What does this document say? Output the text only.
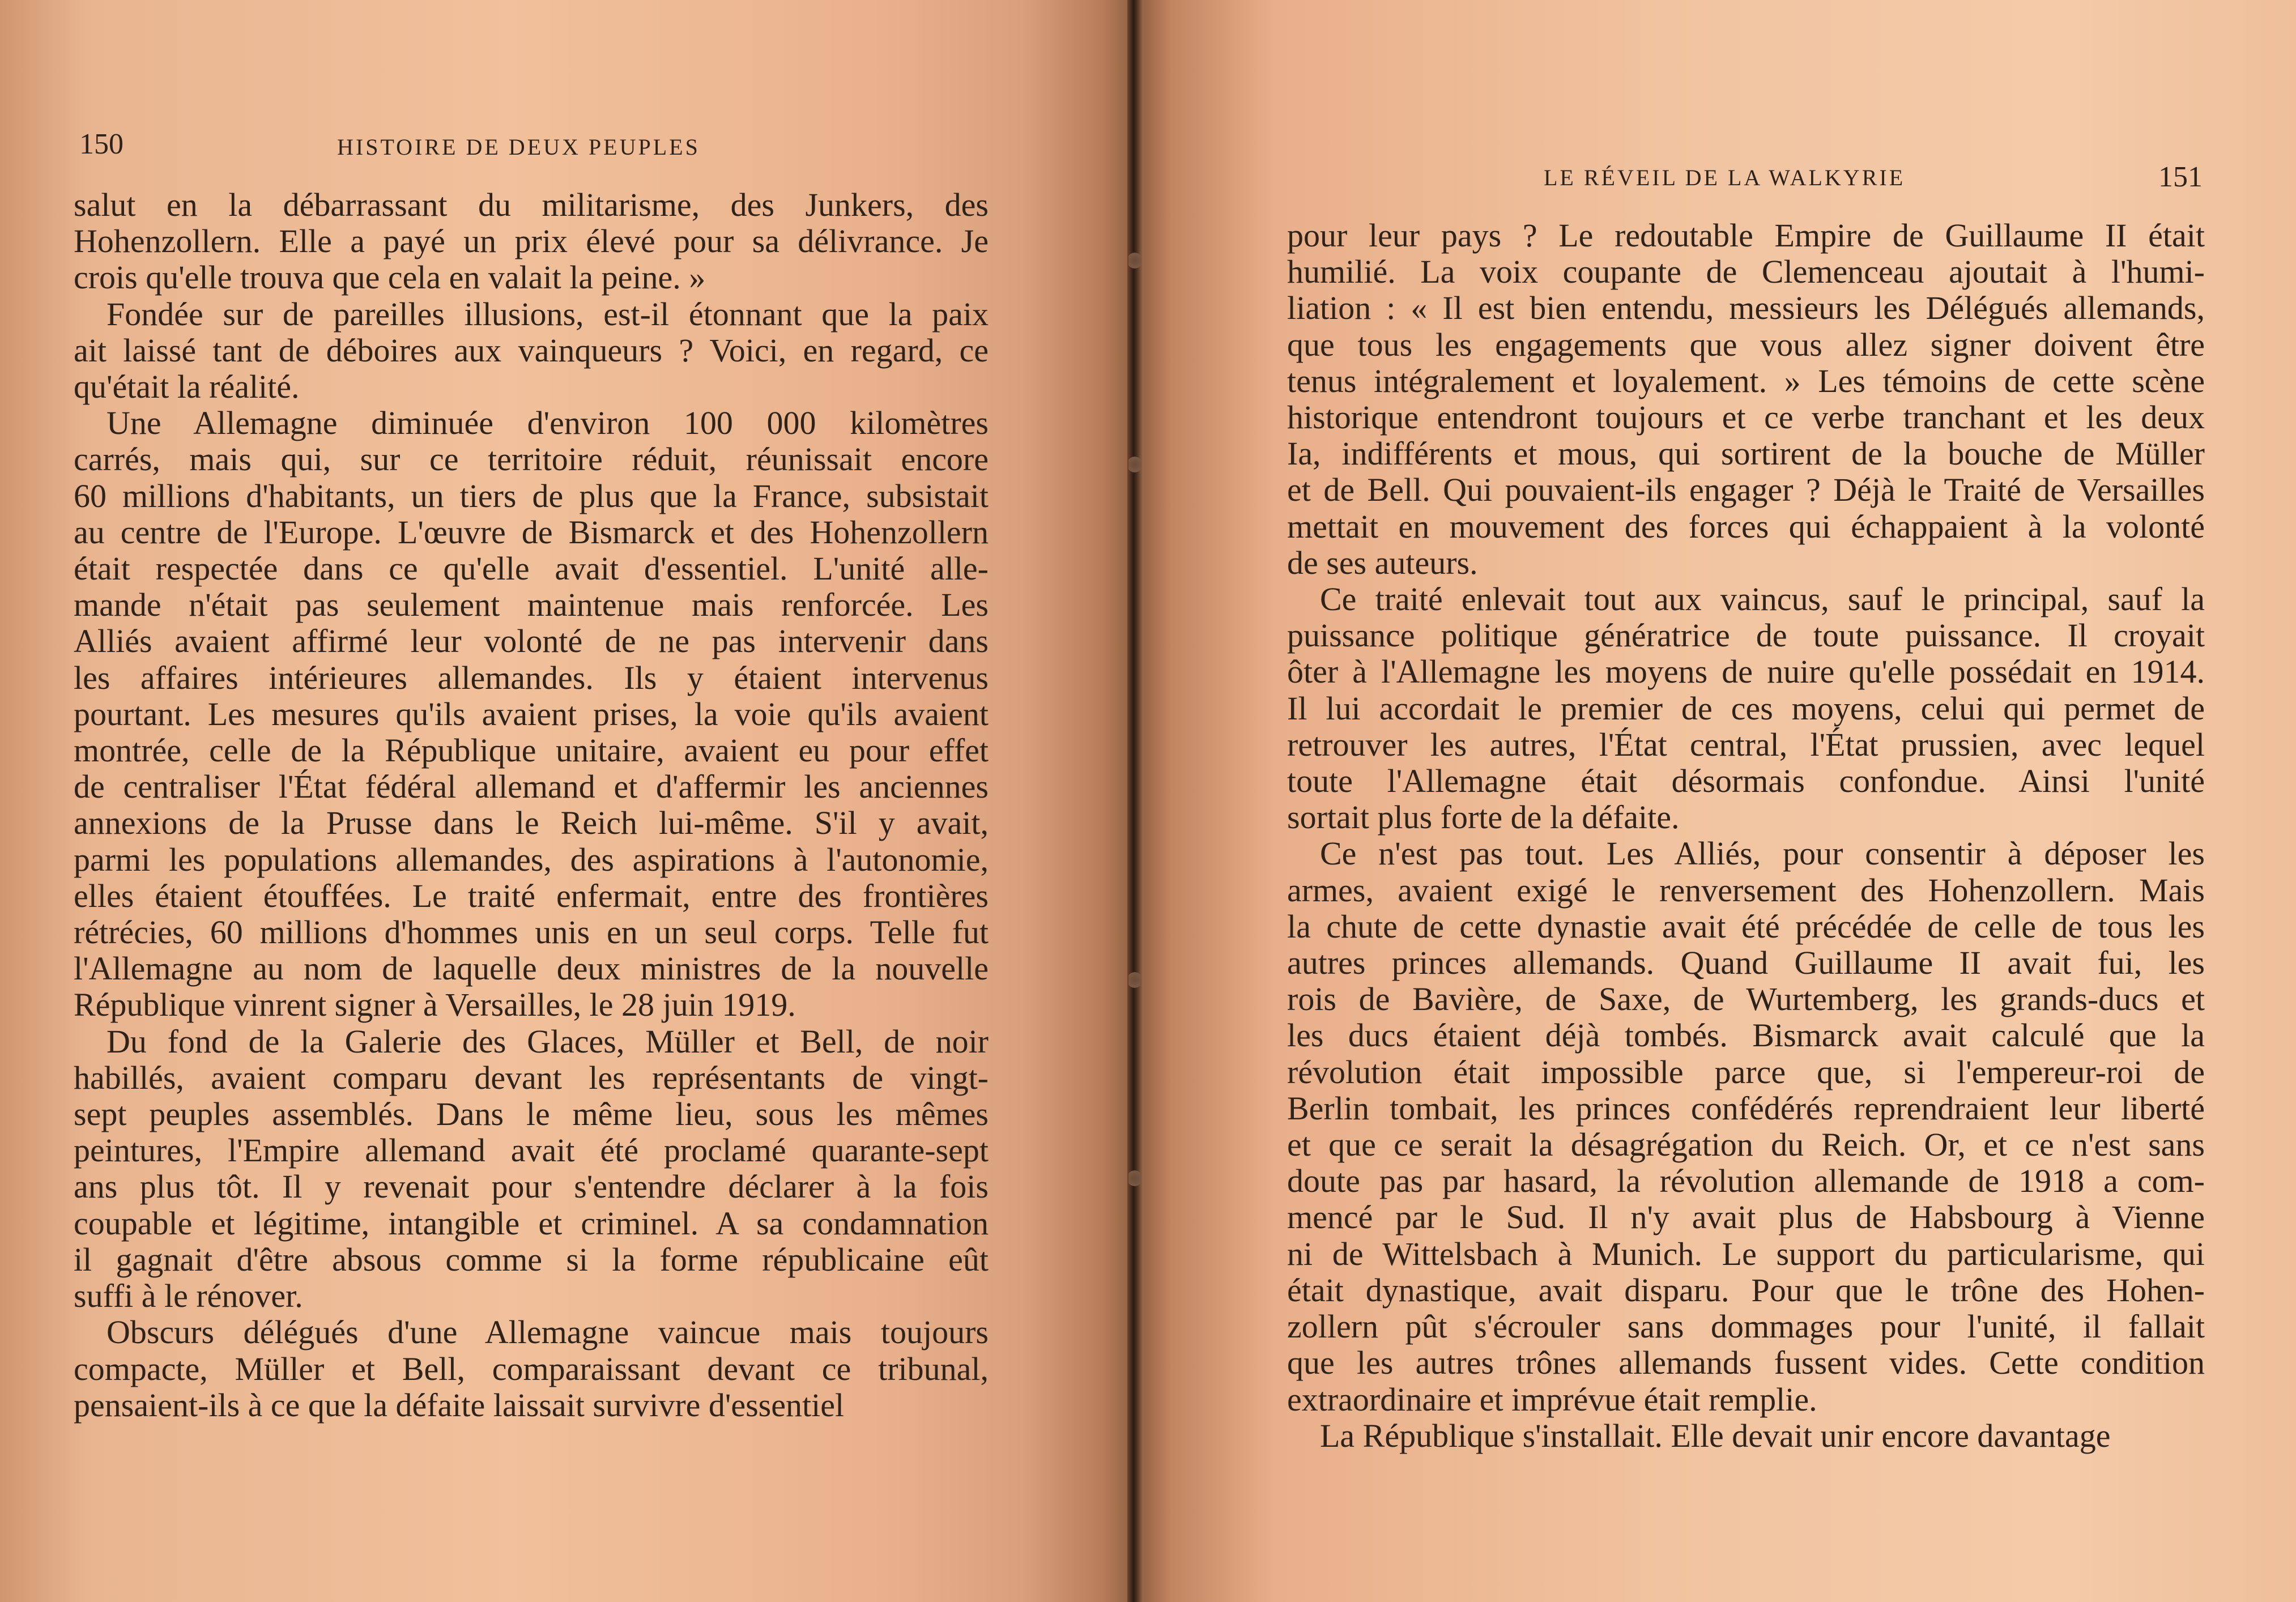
150	HISTOIRE DE DEUX PEUPLES
salut en la débarrassant du militarisme, des Junkers, des
Hohenzollern. Elle a payé un prix élevé pour sa délivrance. Je
crois qu'elle trouva que cela en valait la peine. »
Fondée sur de pareilles illusions, est-il étonnant que la paix
ait laissé tant de déboires aux vainqueurs ? Voici, en regard, ce
qu'était la réalité.
Une Allemagne diminuée d'environ 100 000 kilomètres
carrés, mais qui, sur ce territoire réduit, réunissait encore
60 millions d'habitants, un tiers de plus que la France, subsistait
au centre de l'Europe. L'œuvre de Bismarck et des Hohenzollern
était respectée dans ce qu'elle avait d'essentiel. L'unité alle-
mande n'était pas seulement maintenue mais renforcée. Les
Alliés avaient affirmé leur volonté de ne pas intervenir dans
les affaires intérieures allemandes. Ils y étaient intervenus
pourtant. Les mesures qu'ils avaient prises, la voie qu'ils avaient
montrée, celle de la République unitaire, avaient eu pour effet
de centraliser l'État fédéral allemand et d'affermir les anciennes
annexions de la Prusse dans le Reich lui-même. S'il y avait,
parmi les populations allemandes, des aspirations à l'autonomie,
elles étaient étouffées. Le traité enfermait, entre des frontières
rétrécies, 60 millions d'hommes unis en un seul corps. Telle fut
l'Allemagne au nom de laquelle deux ministres de la nouvelle
République vinrent signer à Versailles, le 28 juin 1919.
Du fond de la Galerie des Glaces, Müller et Bell, de noir
habillés, avaient comparu devant les représentants de vingt-
sept peuples assemblés. Dans le même lieu, sous les mêmes
peintures, l'Empire allemand avait été proclamé quarante-sept
ans plus tôt. Il y revenait pour s'entendre déclarer à la fois
coupable et légitime, intangible et criminel. A sa condamnation
il gagnait d'être absous comme si la forme républicaine eût
suffi à le rénover.
Obscurs délégués d'une Allemagne vaincue mais toujours
compacte, Müller et Bell, comparaissant devant ce tribunal,
pensaient-ils à ce que la défaite laissait survivre d'essentiel
LE RÉVEIL DE LA WALKYRIE	151
pour leur pays ? Le redoutable Empire de Guillaume II était
humilié. La voix coupante de Clemenceau ajoutait à l'humi-
liation : « Il est bien entendu, messieurs les Délégués allemands,
que tous les engagements que vous allez signer doivent être
tenus intégralement et loyalement. » Les témoins de cette scène
historique entendront toujours et ce verbe tranchant et les deux
Ia, indifférents et mous, qui sortirent de la bouche de Müller
et de Bell. Qui pouvaient-ils engager ? Déjà le Traité de Versailles
mettait en mouvement des forces qui échappaient à la volonté
de ses auteurs.
Ce traité enlevait tout aux vaincus, sauf le principal, sauf la
puissance politique génératrice de toute puissance. Il croyait
ôter à l'Allemagne les moyens de nuire qu'elle possédait en 1914.
Il lui accordait le premier de ces moyens, celui qui permet de
retrouver les autres, l'État central, l'État prussien, avec lequel
toute l'Allemagne était désormais confondue. Ainsi l'unité
sortait plus forte de la défaite.
Ce n'est pas tout. Les Alliés, pour consentir à déposer les
armes, avaient exigé le renversement des Hohenzollern. Mais
la chute de cette dynastie avait été précédée de celle de tous les
autres princes allemands. Quand Guillaume II avait fui, les
rois de Bavière, de Saxe, de Wurtemberg, les grands-ducs et
les ducs étaient déjà tombés. Bismarck avait calculé que la
révolution était impossible parce que, si l'empereur-roi de
Berlin tombait, les princes confédérés reprendraient leur liberté
et que ce serait la désagrégation du Reich. Or, et ce n'est sans
doute pas par hasard, la révolution allemande de 1918 a com-
mencé par le Sud. Il n'y avait plus de Habsbourg à Vienne
ni de Wittelsbach à Munich. Le support du particularisme, qui
était dynastique, avait disparu. Pour que le trône des Hohen-
zollern pût s'écrouler sans dommages pour l'unité, il fallait
que les autres trônes allemands fussent vides. Cette condition
extraordinaire et imprévue était remplie.
La République s'installait. Elle devait unir encore davantage
